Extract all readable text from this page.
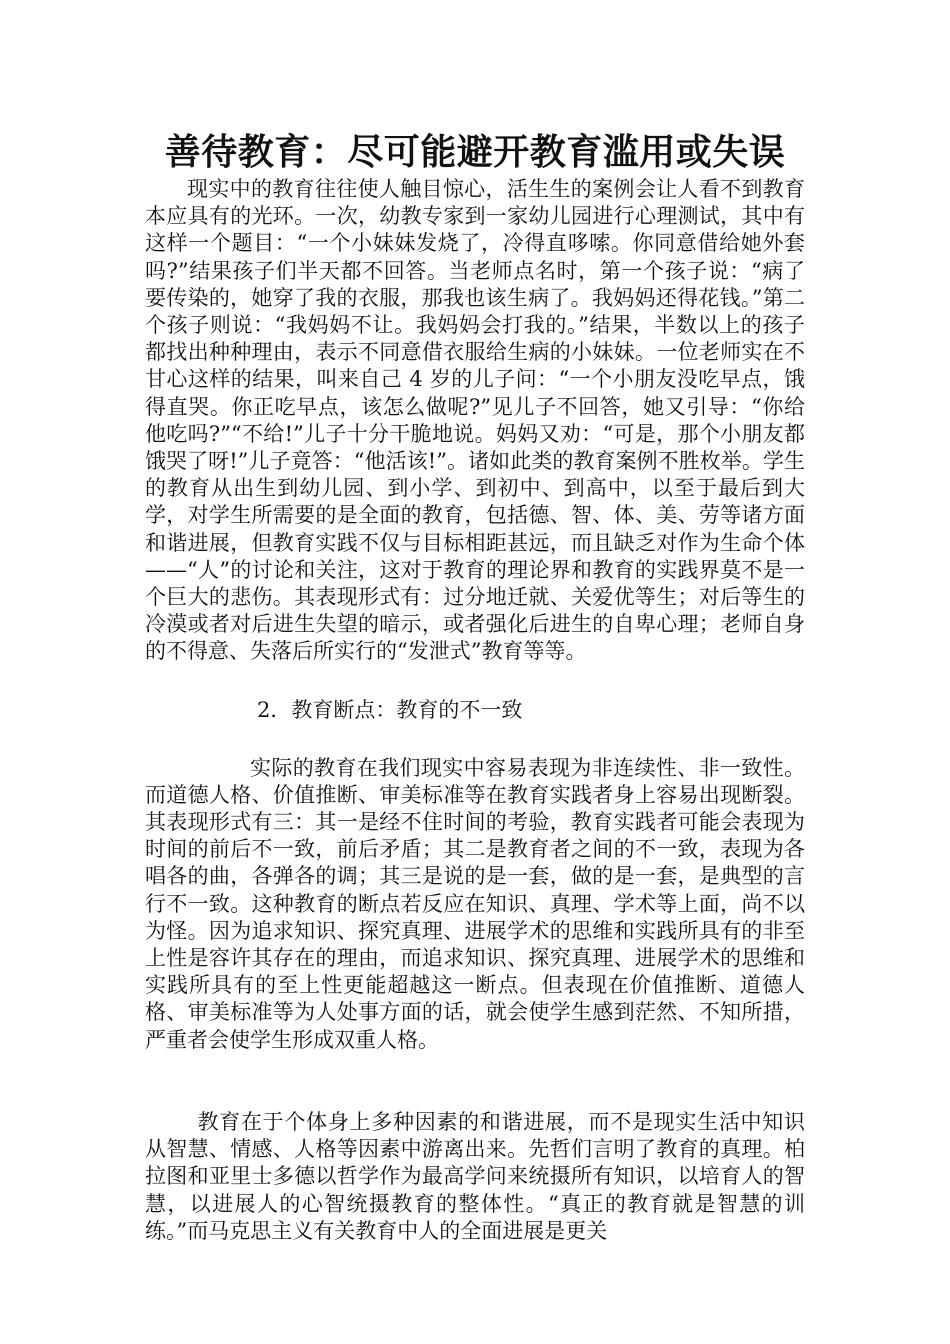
善待教育：尽可能避开教育滥用或失误

现实中的教育往往使人触目惊心，活生生的案例会让人看不到教育本应具有的光环。一次，幼教专家到一家幼儿园进行心理测试，其中有这样一个题目：“一个小妹妹发烧了，冷得直哆嗦。你同意借给她外套吗?”结果孩子们半天都不回答。当老师点名时，第一个孩子说：“病了要传染的，她穿了我的衣服，那我也该生病了。我妈妈还得花钱。”第二个孩子则说：“我妈妈不让。我妈妈会打我的。”结果，半数以上的孩子都找出种种理由，表示不同意借衣服给生病的小妹妹。一位老师实在不甘心这样的结果，叫来自己 4 岁的儿子问：“一个小朋友没吃早点，饿得直哭。你正吃早点，该怎么做呢?”见儿子不回答，她又引导：“你给他吃吗?”“不给!”儿子十分干脆地说。妈妈又劝：“可是，那个小朋友都饿哭了呀!”儿子竟答：“他活该!”。诸如此类的教育案例不胜枚举。学生的教育从出生到幼儿园、到小学、到初中、到高中，以至于最后到大学，对学生所需要的是全面的教育，包括德、智、体、美、劳等诸方面和谐进展，但教育实践不仅与目标相距甚远，而且缺乏对作为生命个体——“人”的讨论和关注，这对于教育的理论界和教育的实践界莫不是一个巨大的悲伤。其表现形式有：过分地迁就、关爱优等生；对后等生的冷漠或者对后进生失望的暗示，或者强化后进生的自卑心理；老师自身的不得意、失落后所实行的“发泄式”教育等等。

2．教育断点：教育的不一致

实际的教育在我们现实中容易表现为非连续性、非一致性。而道德人格、价值推断、审美标准等在教育实践者身上容易出现断裂。其表现形式有三：其一是经不住时间的考验，教育实践者可能会表现为时间的前后不一致，前后矛盾；其二是教育者之间的不一致，表现为各唱各的曲，各弹各的调；其三是说的是一套，做的是一套，是典型的言行不一致。这种教育的断点若反应在知识、真理、学术等上面，尚不以为怪。因为追求知识、探究真理、进展学术的思维和实践所具有的非至上性是容许其存在的理由，而追求知识、探究真理、进展学术的思维和实践所具有的至上性更能超越这一断点。但表现在价值推断、道德人格、审美标准等为人处事方面的话，就会使学生感到茫然、不知所措，严重者会使学生形成双重人格。

教育在于个体身上多种因素的和谐进展，而不是现实生活中知识从智慧、情感、人格等因素中游离出来。先哲们言明了教育的真理。柏拉图和亚里士多德以哲学作为最高学问来统摄所有知识，以培育人的智慧，以进展人的心智统摄教育的整体性。“真正的教育就是智慧的训练。”而马克思主义有关教育中人的全面进展是更关
